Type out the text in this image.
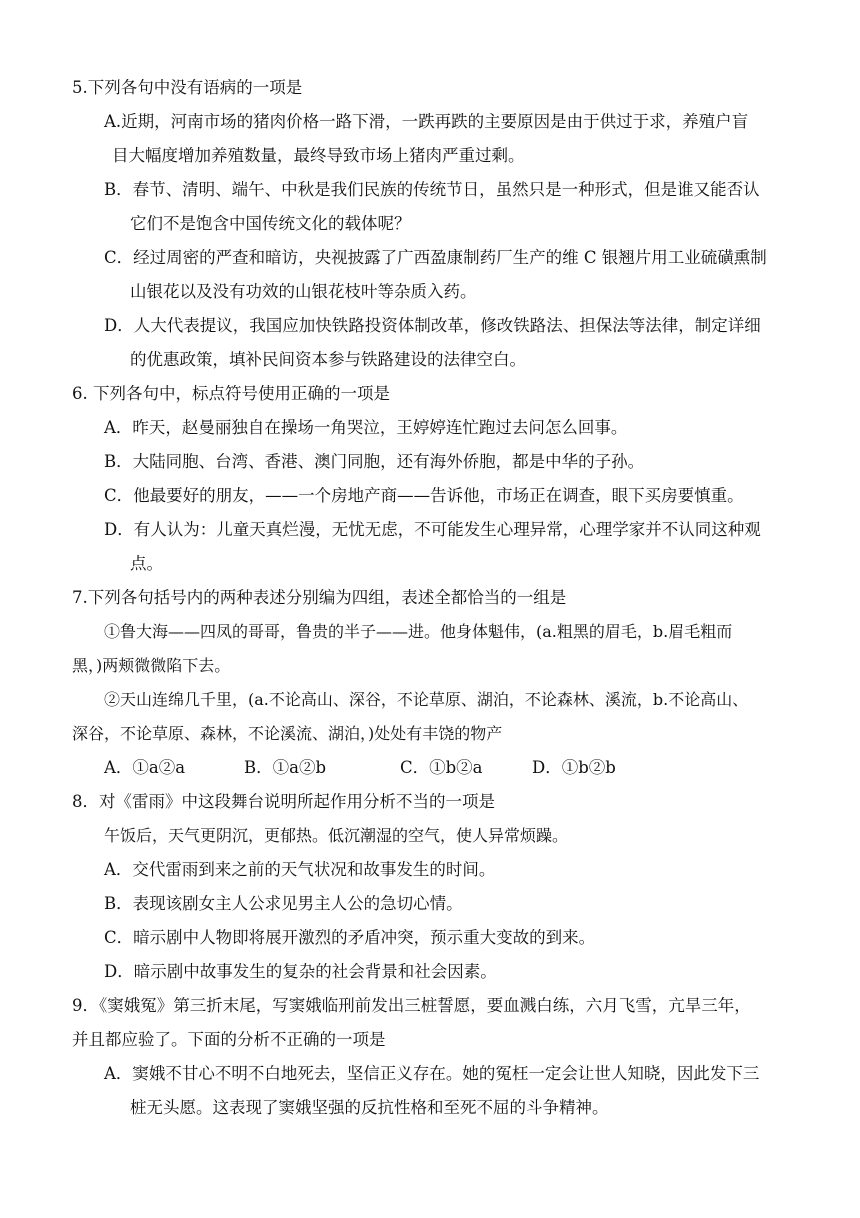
5.下列各句中没有语病的一项是
A.近期，河南市场的猪肉价格一路下滑，一跌再跌的主要原因是由于供过于求，养殖户盲
目大幅度增加养殖数量，最终导致市场上猪肉严重过剩。
B．春节、清明、端午、中秋是我们民族的传统节日，虽然只是一种形式，但是谁又能否认
它们不是饱含中国传统文化的载体呢？
C．经过周密的严查和暗访，央视披露了广西盈康制药厂生产的维 C 银翘片用工业硫磺熏制
山银花以及没有功效的山银花枝叶等杂质入药。
D．人大代表提议，我国应加快铁路投资体制改革，修改铁路法、担保法等法律，制定详细
的优惠政策，填补民间资本参与铁路建设的法律空白。
6. 下列各句中，标点符号使用正确的一项是
A．昨天，赵曼丽独自在操场一角哭泣，王婷婷连忙跑过去问怎么回事。
B．大陆同胞、台湾、香港、澳门同胞，还有海外侨胞，都是中华的子孙。
C．他最要好的朋友，——一个房地产商——告诉他，市场正在调查，眼下买房要慎重。
D．有人认为：儿童天真烂漫，无忧无虑，不可能发生心理异常，心理学家并不认同这种观
点。
7.下列各句括号内的两种表述分别编为四组，表述全都恰当的一组是
①鲁大海——四凤的哥哥，鲁贵的半子——进。他身体魁伟，(a.粗黑的眉毛，b.眉毛粗而
黑，)两颊微微陷下去。
②天山连绵几千里，(a.不论高山、深谷，不论草原、湖泊，不论森林、溪流，b.不论高山、
深谷，不论草原、森林，不论溪流、湖泊，)处处有丰饶的物产
A．①a②a	B．①a②b	C．①b②a	D．①b②b
8．对《雷雨》中这段舞台说明所起作用分析不当的一项是
午饭后，天气更阴沉，更郁热。低沉潮湿的空气，使人异常烦躁。
A．交代雷雨到来之前的天气状况和故事发生的时间。
B．表现该剧女主人公求见男主人公的急切心情。
C．暗示剧中人物即将展开激烈的矛盾冲突，预示重大变故的到来。
D．暗示剧中故事发生的复杂的社会背景和社会因素。
9．《窦娥冤》第三折末尾，写窦娥临刑前发出三桩誓愿，要血溅白练，六月飞雪，亢旱三年，
并且都应验了。下面的分析不正确的一项是
A．窦娥不甘心不明不白地死去，坚信正义存在。她的冤枉一定会让世人知晓，因此发下三
桩无头愿。这表现了窦娥坚强的反抗性格和至死不屈的斗争精神。
